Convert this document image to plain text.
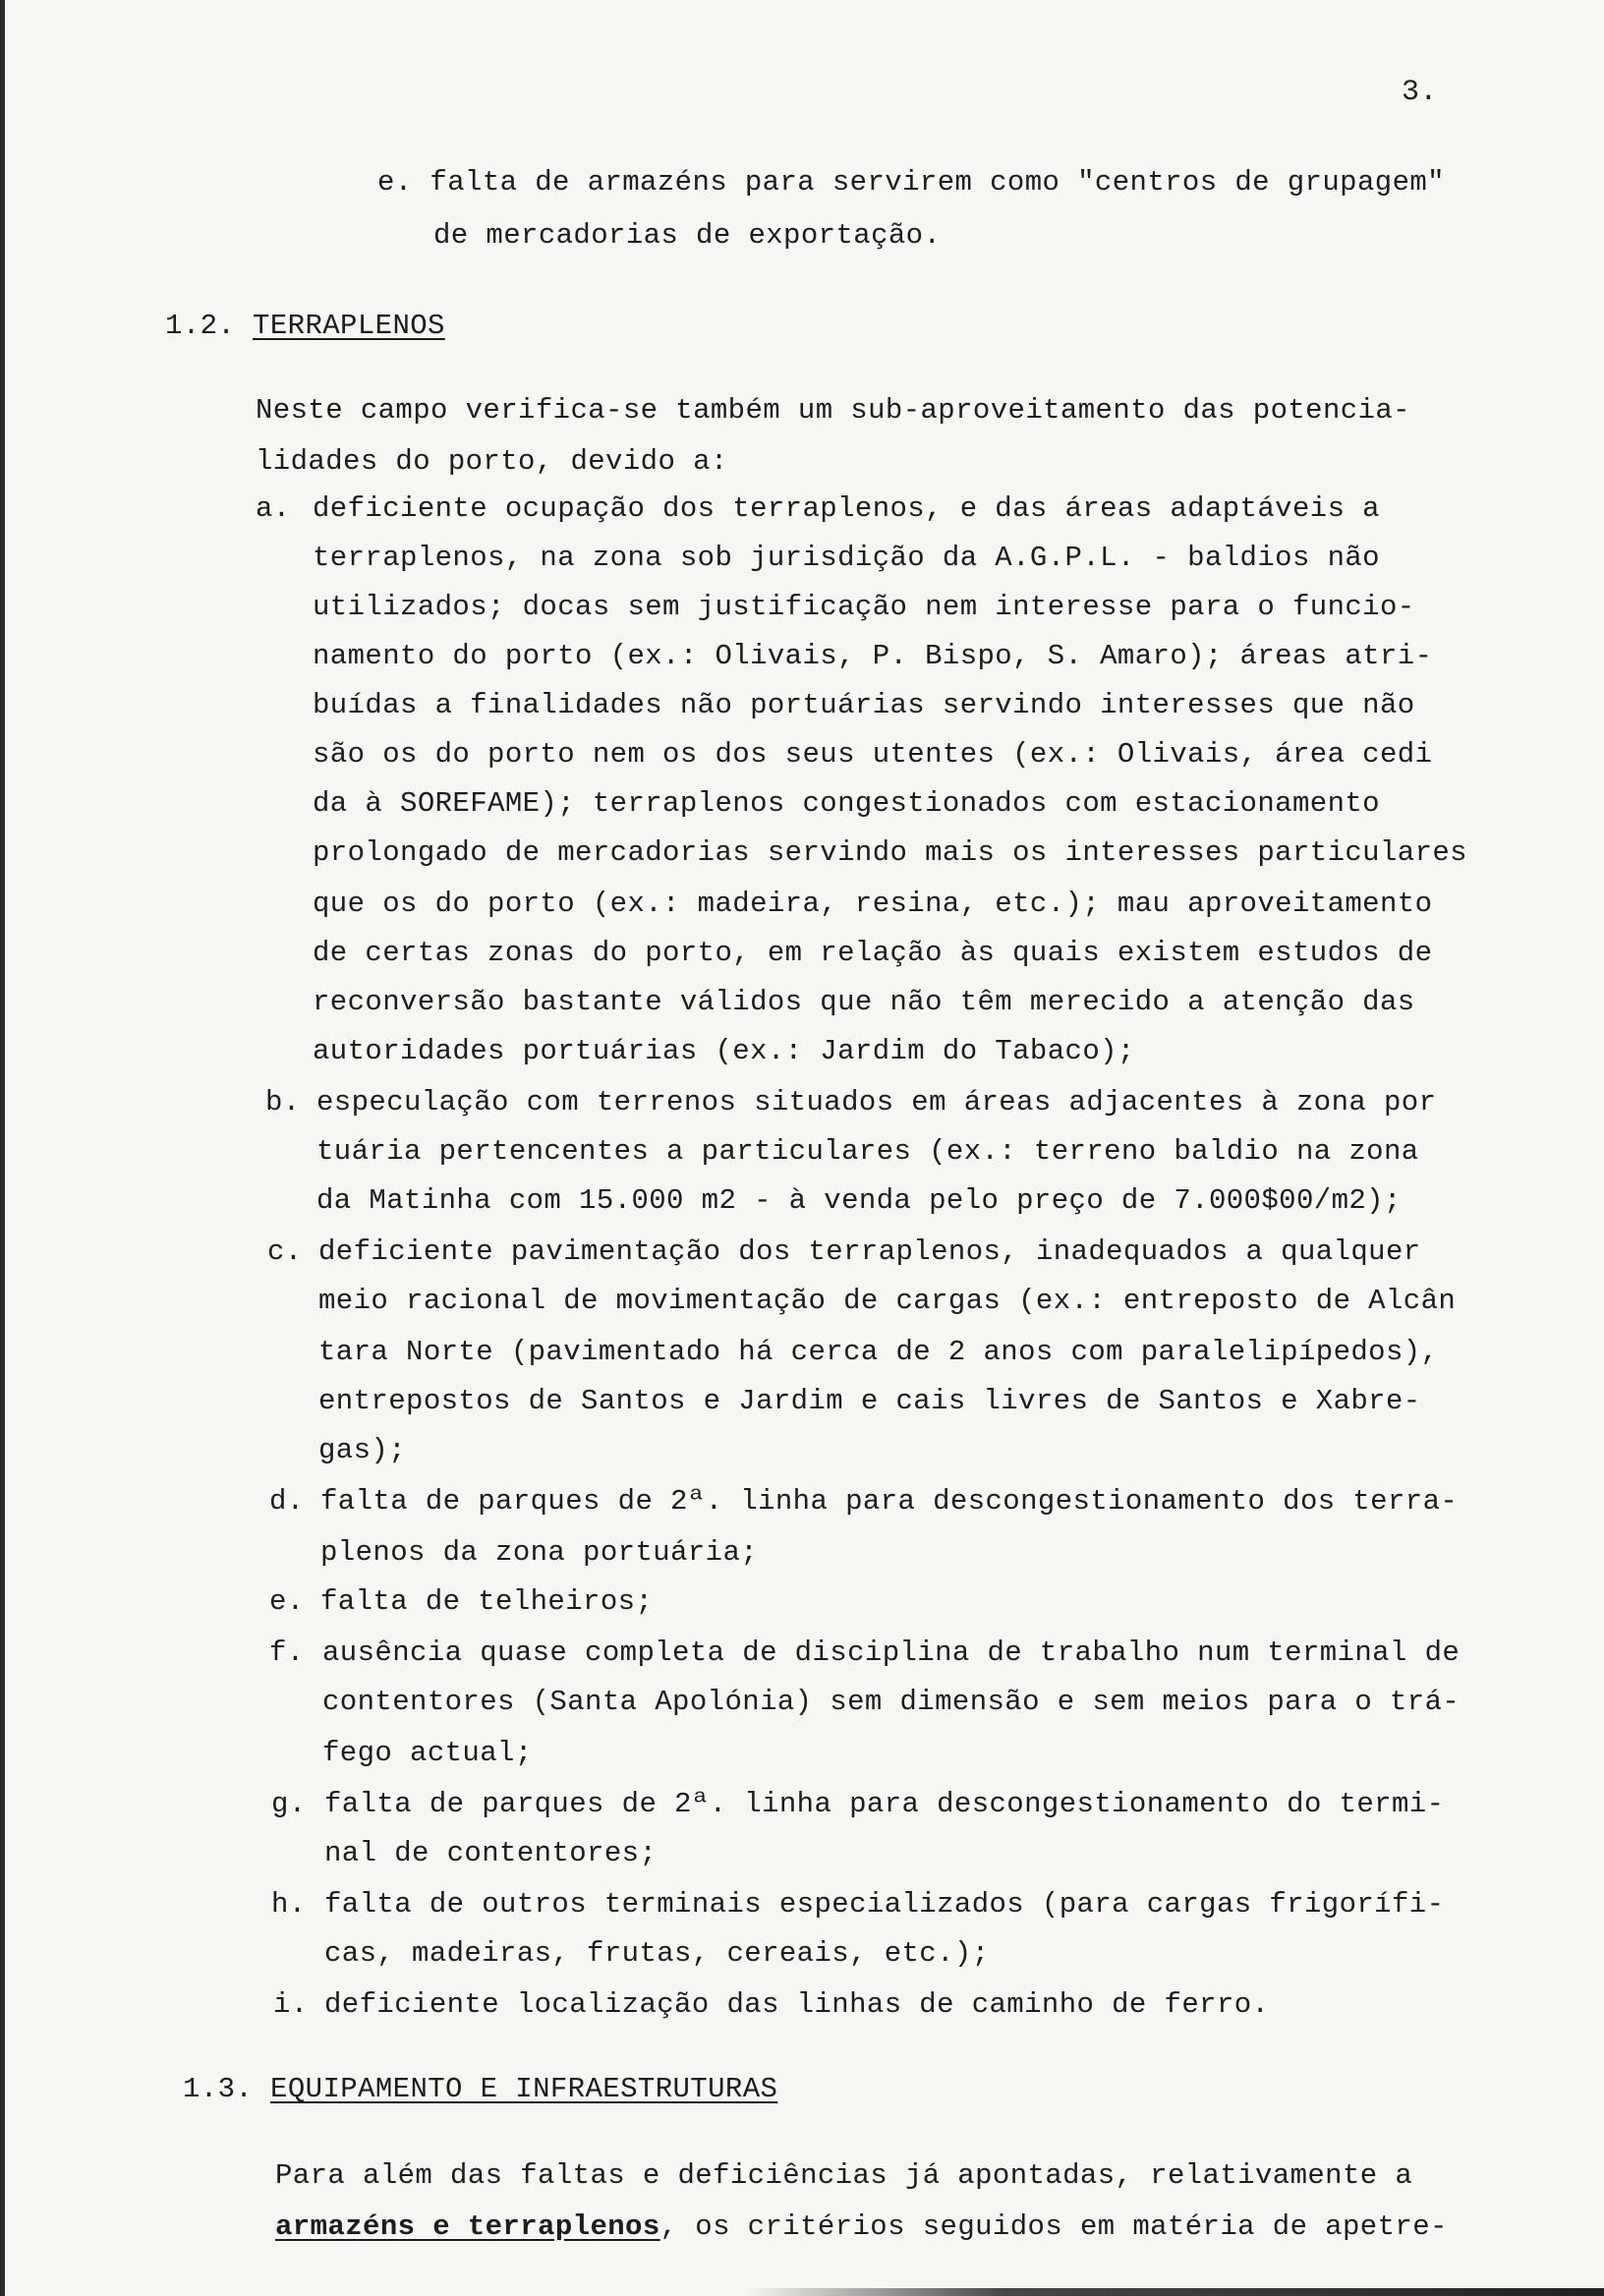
3.
e. falta de armazéns para servirem como "centros de grupagem"
de mercadorias de exportação.
1.2. TERRAPLENOS
Neste campo verifica-se também um sub-aproveitamento das potencia-
lidades do porto, devido a:
a. deficiente ocupação dos terraplenos, e das áreas adaptáveis a
terraplenos, na zona sob jurisdição da A.G.P.L. - baldios não
utilizados; docas sem justificação nem interesse para o funcio-
namento do porto (ex.: Olivais, P. Bispo, S. Amaro); áreas atri-
buídas a finalidades não portuárias servindo interesses que não
são os do porto nem os dos seus utentes (ex.: Olivais, área cedi
da à SOREFAME); terraplenos congestionados com estacionamento
prolongado de mercadorias servindo mais os interesses particulares
que os do porto (ex.: madeira, resina, etc.); mau aproveitamento
de certas zonas do porto, em relação às quais existem estudos de
reconversão bastante válidos que não têm merecido a atenção das
autoridades portuárias (ex.: Jardim do Tabaco);
b. especulação com terrenos situados em áreas adjacentes à zona por
tuária pertencentes a particulares (ex.: terreno baldio na zona
da Matinha com 15.000 m2 - à venda pelo preço de 7.000$00/m2);
c. deficiente pavimentação dos terraplenos, inadequados a qualquer
meio racional de movimentação de cargas (ex.: entreposto de Alcân
tara Norte (pavimentado há cerca de 2 anos com paralelipípedos),
entrepostos de Santos e Jardim e cais livres de Santos e Xabre-
gas);
d. falta de parques de 2ª. linha para descongestionamento dos terra-
plenos da zona portuária;
e. falta de telheiros;
f. ausência quase completa de disciplina de trabalho num terminal de
contentores (Santa Apolónia) sem dimensão e sem meios para o trá-
fego actual;
g. falta de parques de 2ª. linha para descongestionamento do termi-
nal de contentores;
h. falta de outros terminais especializados (para cargas frigorífi-
cas, madeiras, frutas, cereais, etc.);
i. deficiente localização das linhas de caminho de ferro.
1.3. EQUIPAMENTO E INFRAESTRUTURAS
Para além das faltas e deficiências já apontadas, relativamente a
armazéns e terraplenos, os critérios seguidos em matéria de apetre-
